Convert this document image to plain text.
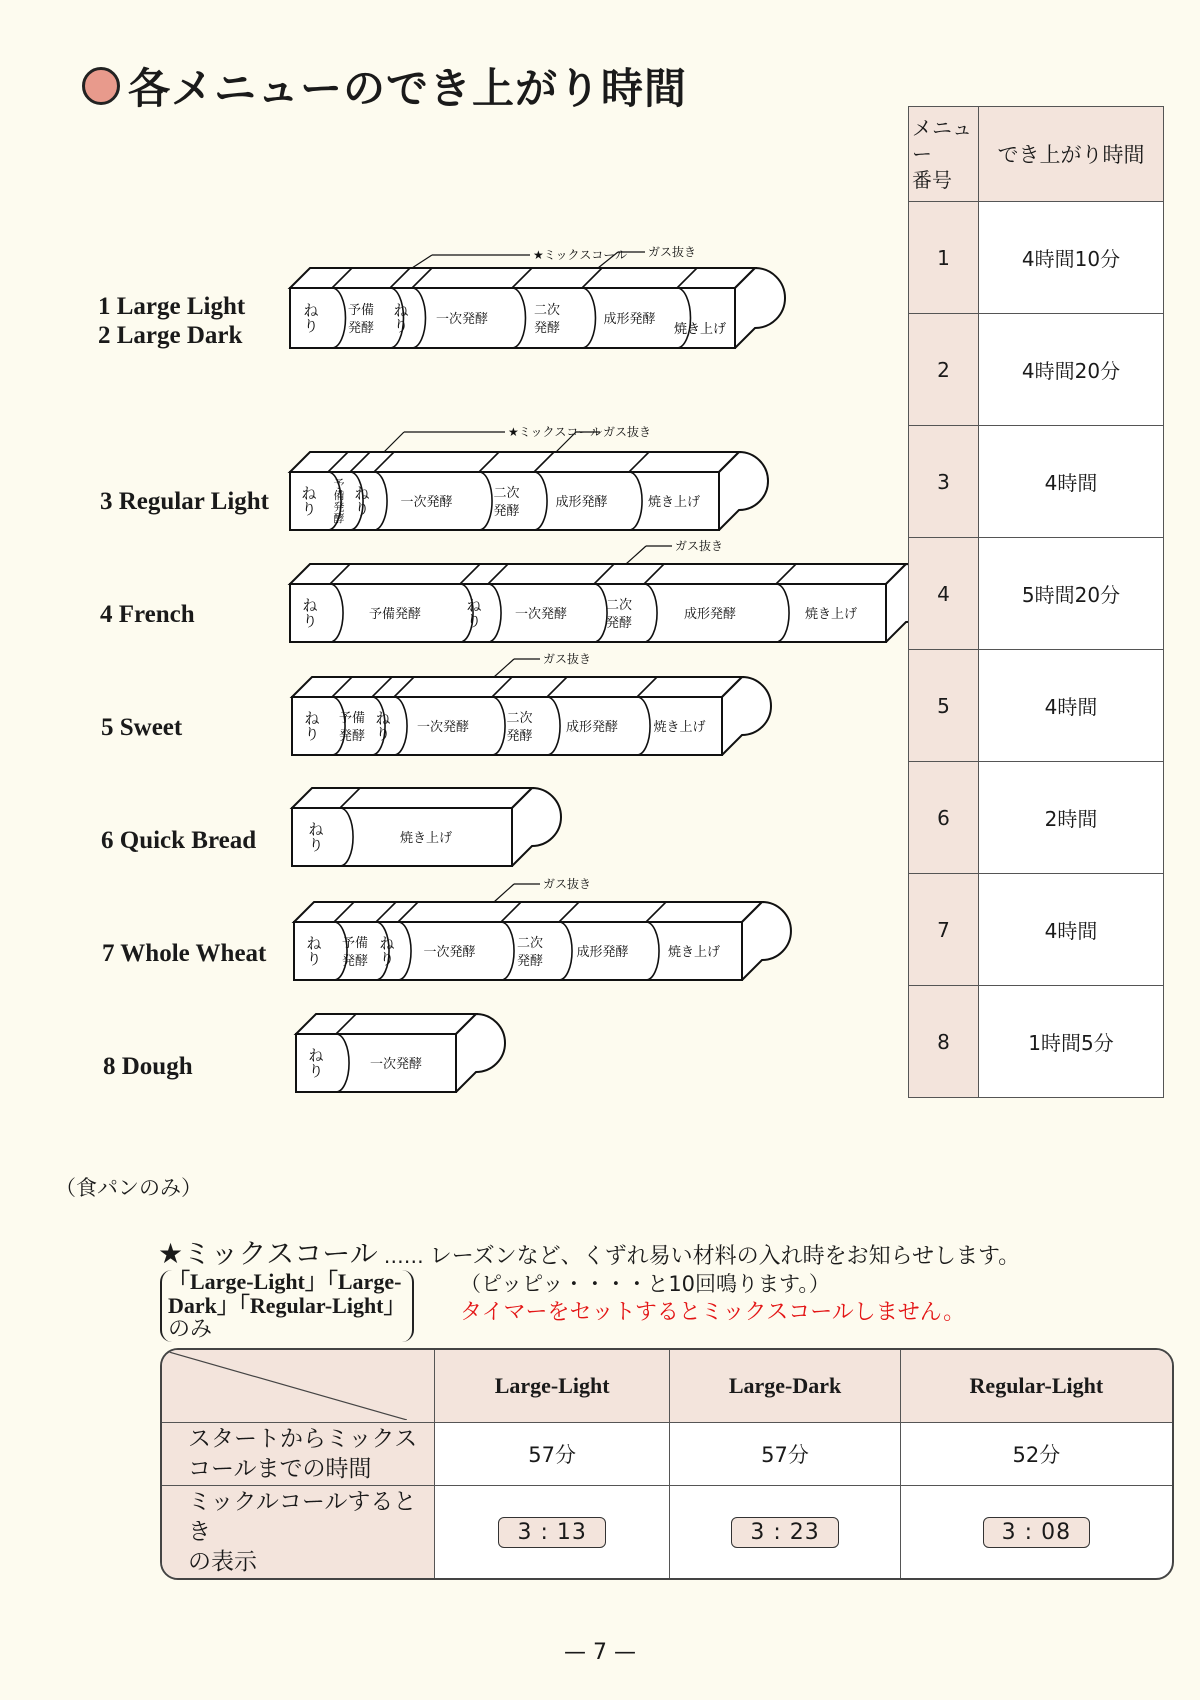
各メニューのでき上がり時間
1 Large Light
2 Large Dark
3 Regular Light
4 French
5 Sweet
6 Quick Bread
7 Whole Wheat
8 Dough
ね
り
予備
発酵
ね
り 一次発酵
二次
発酵
成形発酵
焼き上げ
★ミックスコール ガス抜き
ね
り
予
備
発
酵
ね
り 一次発酵
二次
発酵
成形発酵	焼き上げ
★ミックスコール ガス抜き
ね
り	予備発酵
ね
り	一次発酵
二次
発酵
成形発酵	焼き上げ
ガス抜き
ね
り
予備
発酵
ね
り 一次発酵
二次
発酵
成形発酵	焼き上げ
ガス抜き
ね
り	焼き上げ
ね
り
予備
発酵
ね
り 一次発酵
二次
発酵
成形発酵	焼き上げ
ガス抜き
ね
り	一次発酵
メニュー
番号	でき上がり時間
1	4時間10分
2	4時間20分
3	4時間
4	5時間20分
5	4時間
6	2時間
7	4時間
8	1時間5分
（食パンのみ）
★ミックスコール …… レーズンなど、くずれ易い材料の入れ時をお知らせします。
「Large-Light」「Large-
Dark」「Regular-Light」
のみ
（ピッピッ・・・・と10回鳴ります。）
タイマーをセットするとミックスコールしません。
	Large-Light	Large-Dark	Regular-Light
スタートからミックス
コールまでの時間	57分	57分	52分
ミックルコールするとき
の表示	3 : 13	3 : 23	3 : 08
— 7 —
